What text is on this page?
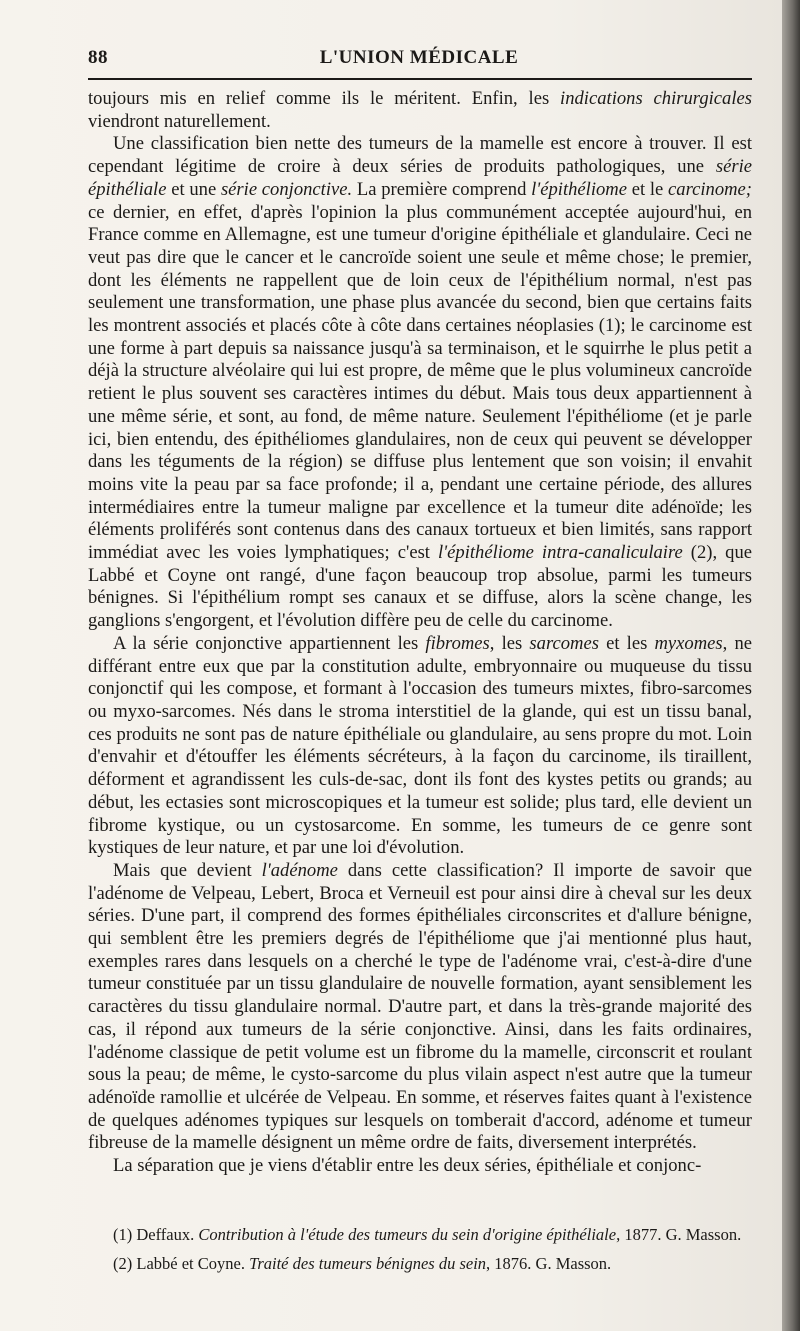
88	L'UNION MÉDICALE

toujours mis en relief comme ils le méritent. Enfin, les indications chirurgicales viendront naturellement.

Une classification bien nette des tumeurs de la mamelle est encore à trouver. Il est cependant légitime de croire à deux séries de produits pathologiques, une série épithéliale et une série conjonctive. La première comprend l'épithéliome et le carcinome; ce dernier, en effet, d'après l'opinion la plus communément acceptée aujourd'hui, en France comme en Allemagne, est une tumeur d'origine épithéliale et glandulaire. Ceci ne veut pas dire que le cancer et le cancroïde soient une seule et même chose; le premier, dont les éléments ne rappellent que de loin ceux de l'épithélium normal, n'est pas seulement une transformation, une phase plus avancée du second, bien que certains faits les montrent associés et placés côte à côte dans certaines néoplasies (1); le carcinome est une forme à part depuis sa naissance jusqu'à sa terminaison, et le squirrhe le plus petit a déjà la structure alvéolaire qui lui est propre, de même que le plus volumineux cancroïde retient le plus souvent ses caractères intimes du début. Mais tous deux appartiennent à une même série, et sont, au fond, de même nature. Seulement l'épithéliome (et je parle ici, bien entendu, des épithéliomes glandulaires, non de ceux qui peuvent se développer dans les téguments de la région) se diffuse plus lentement que son voisin; il envahit moins vite la peau par sa face profonde; il a, pendant une certaine période, des allures intermédiaires entre la tumeur maligne par excellence et la tumeur dite adénoïde; les éléments proliférés sont contenus dans des canaux tortueux et bien limités, sans rapport immédiat avec les voies lymphatiques; c'est l'épithéliome intra-canaliculaire (2), que Labbé et Coyne ont rangé, d'une façon beaucoup trop absolue, parmi les tumeurs bénignes. Si l'épithélium rompt ses canaux et se diffuse, alors la scène change, les ganglions s'engorgent, et l'évolution diffère peu de celle du carcinome.

A la série conjonctive appartiennent les fibromes, les sarcomes et les myxomes, ne différant entre eux que par la constitution adulte, embryonnaire ou muqueuse du tissu conjonctif qui les compose, et formant à l'occasion des tumeurs mixtes, fibro-sarcomes ou myxo-sarcomes. Nés dans le stroma interstitiel de la glande, qui est un tissu banal, ces produits ne sont pas de nature épithéliale ou glandulaire, au sens propre du mot. Loin d'envahir et d'étouffer les éléments sécréteurs, à la façon du carcinome, ils tiraillent, déforment et agrandissent les culs-de-sac, dont ils font des kystes petits ou grands; au début, les ectasies sont microscopiques et la tumeur est solide; plus tard, elle devient un fibrome kystique, ou un cystosarcome. En somme, les tumeurs de ce genre sont kystiques de leur nature, et par une loi d'évolution.

Mais que devient l'adénome dans cette classification? Il importe de savoir que l'adénome de Velpeau, Lebert, Broca et Verneuil est pour ainsi dire à cheval sur les deux séries. D'une part, il comprend des formes épithéliales circonscrites et d'allure bénigne, qui semblent être les premiers degrés de l'épithéliome que j'ai mentionné plus haut, exemples rares dans lesquels on a cherché le type de l'adénome vrai, c'est-à-dire d'une tumeur constituée par un tissu glandulaire de nouvelle formation, ayant sensiblement les caractères du tissu glandulaire normal. D'autre part, et dans la très-grande majorité des cas, il répond aux tumeurs de la série conjonctive. Ainsi, dans les faits ordinaires, l'adénome classique de petit volume est un fibrome du la mamelle, circonscrit et roulant sous la peau; de même, le cysto-sarcome du plus vilain aspect n'est autre que la tumeur adénoïde ramollie et ulcérée de Velpeau. En somme, et réserves faites quant à l'existence de quelques adénomes typiques sur lesquels on tomberait d'accord, adénome et tumeur fibreuse de la mamelle désignent un même ordre de faits, diversement interprétés.

La séparation que je viens d'établir entre les deux séries, épithéliale et conjonc-

(1) Deffaux. Contribution à l'étude des tumeurs du sein d'origine épithéliale, 1877. G. Masson.

(2) Labbé et Coyne. Traité des tumeurs bénignes du sein, 1876. G. Masson.
